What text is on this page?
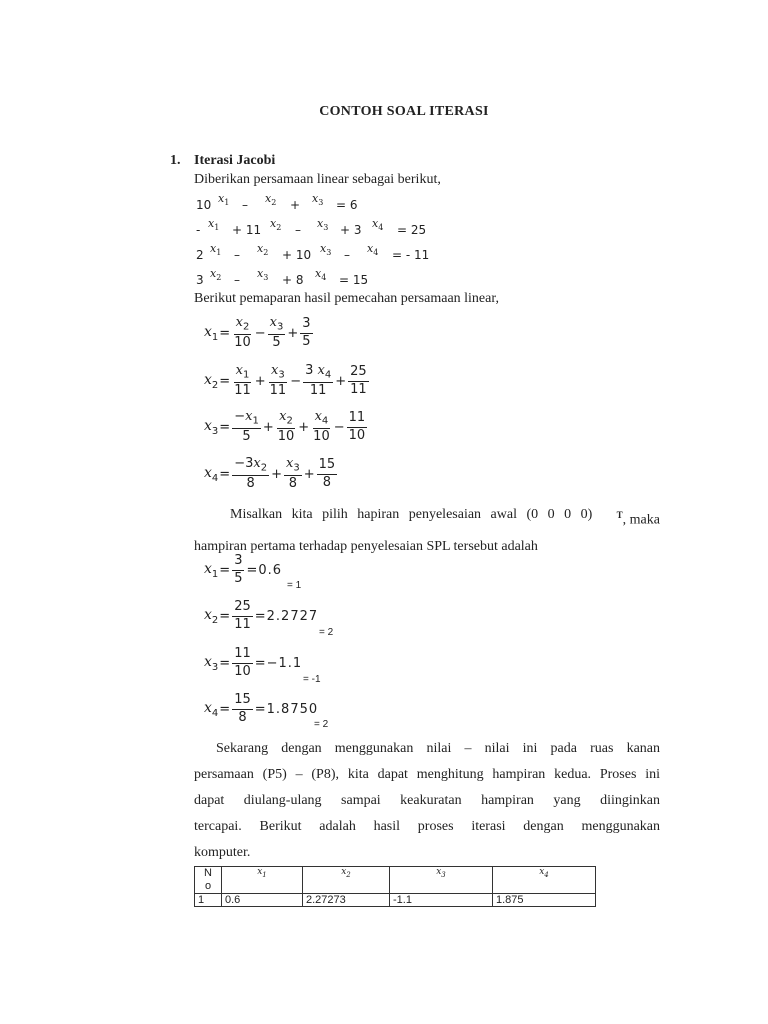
CONTOH SOAL ITERASI
1. Iterasi Jacobi
Diberikan persamaan linear sebagai berikut,
10 $x_1 - x_2 + x_3 = 6$
- $x_1 + 11$ $x_2 - x_3 + 3$ $x_4 = 25$
2 $x_1 - x_2 + 10$ $x_3 - x_4$ = - 11
3 $x_2 - x_3 + 8$ $x_4 = 15$
Berikut pemaparan hasil pemecahan persamaan linear,
$x_1 = \frac{x_2}{10} - \frac{x_3}{5} + \frac{3}{5}$
$x_2 = \frac{x_1}{11} + \frac{x_3}{11} - \frac{3 x_4}{11} + \frac{25}{11}$
$x_3 = \frac{-x_1}{5} + \frac{x_2}{10} + \frac{x_4}{10} - \frac{11}{10}$
$x_4 = \frac{-3x_2}{8} + \frac{x_3}{8} + \frac{15}{8}$
Misalkan kita pilih hapiran penyelesaian awal (0 0 0 0)	$^T$, maka
hampiran pertama terhadap penyelesaian SPL tersebut adalah
$x_1 = \frac{3}{5} = 0.6$
= 1
$x_2 = \frac{25}{11} = 2.2727$
= 2
$x_3 = \frac{11}{10} = -1.1$
= -1
$x_4 = \frac{15}{8} = 1.8750$
= 2
Sekarang dengan menggunakan nilai – nilai ini pada ruas kanan
persamaan (P5) – (P8), kita dapat menghitung hampiran kedua. Proses ini
dapat diulang-ulang sampai keakuratan hampiran yang diinginkan
tercapai. Berikut adalah hasil proses iterasi dengan menggunakan
komputer.
N
o	$x_1$	$x_2$	$x_3$	$x_4$
1	0.6	2.27273	-1.1	1.875
